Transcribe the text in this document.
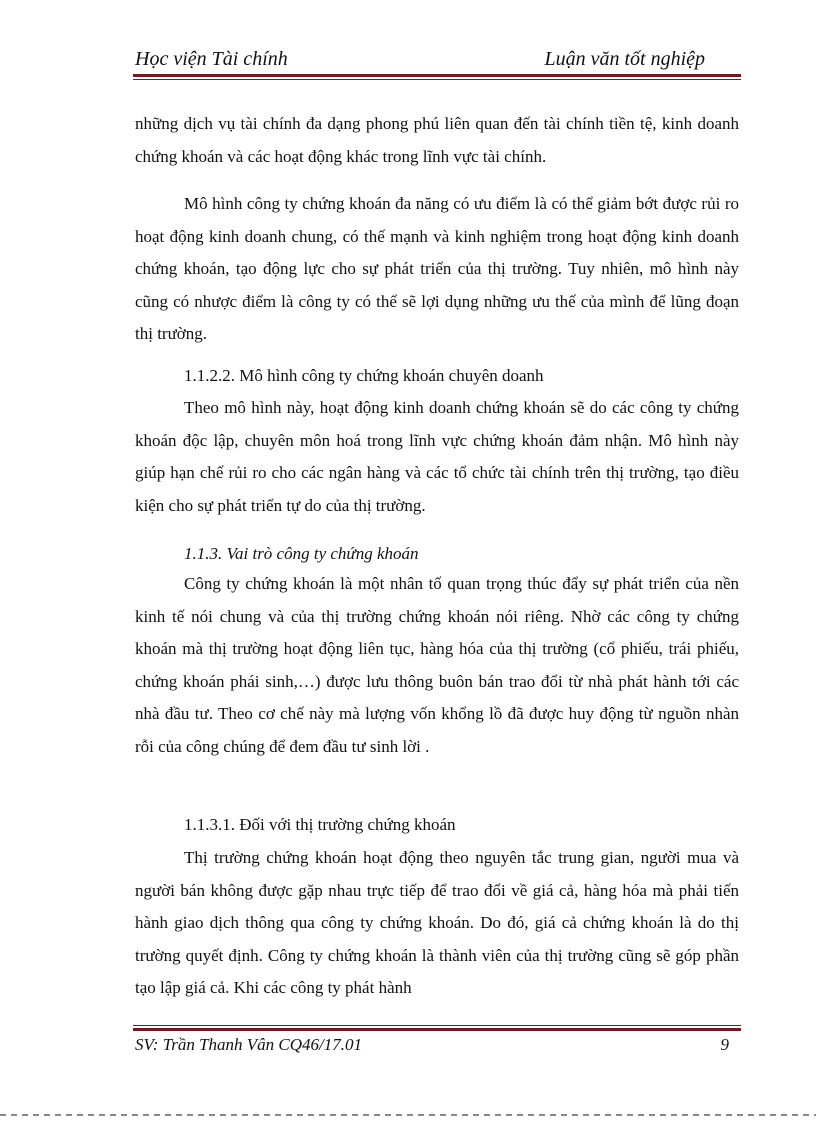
Học viện Tài chính	Luận văn tốt nghiệp

những dịch vụ tài chính đa dạng phong phú liên quan đến tài chính tiền tệ, kinh doanh chứng khoán và các hoạt động khác trong lĩnh vực tài chính.

Mô hình công ty chứng khoán đa năng có ưu điểm là có thể giảm bớt được rủi ro hoạt động kinh doanh chung, có thế mạnh và kinh nghiệm trong hoạt động kinh doanh chứng khoán, tạo động lực cho sự phát triển của thị trường. Tuy nhiên, mô hình này cũng có nhược điểm là công ty có thể sẽ lợi dụng những ưu thế của mình để lũng đoạn thị trường.

1.1.2.2. Mô hình công ty chứng khoán chuyên doanh

Theo mô hình này, hoạt động kinh doanh chứng khoán sẽ do các công ty chứng khoán độc lập, chuyên môn hoá trong lĩnh vực chứng khoán đảm nhận. Mô hình này giúp hạn chế rủi ro cho các ngân hàng và các tổ chức tài chính trên thị trường, tạo điều kiện cho sự phát triển tự do của thị trường.

1.1.3. Vai trò công ty chứng khoán

Công ty chứng khoán là một nhân tố quan trọng thúc đẩy sự phát triển của nền kinh tế nói chung và của thị trường chứng khoán nói riêng. Nhờ các công ty chứng khoán mà thị trường hoạt động liên tục, hàng hóa của thị trường (cổ phiếu, trái phiếu, chứng khoán phái sinh,…) được lưu thông buôn bán trao đổi từ nhà phát hành tới các nhà đầu tư. Theo cơ chế này mà lượng vốn khổng lồ đã được huy động từ nguồn nhàn rỗi của công chúng để đem đầu tư sinh lời .

1.1.3.1. Đối với thị trường chứng khoán

Thị trường chứng khoán hoạt động theo nguyên tắc trung gian, người mua và người bán không được gặp nhau trực tiếp để trao đổi về giá cả, hàng hóa mà phải tiến hành giao dịch thông qua công ty chứng khoán. Do đó, giá cả chứng khoán là do thị trường quyết định. Công ty chứng khoán là thành viên của thị trường cũng sẽ góp phần tạo lập giá cả. Khi các công ty phát hành

SV: Trần Thanh Vân CQ46/17.01	9
